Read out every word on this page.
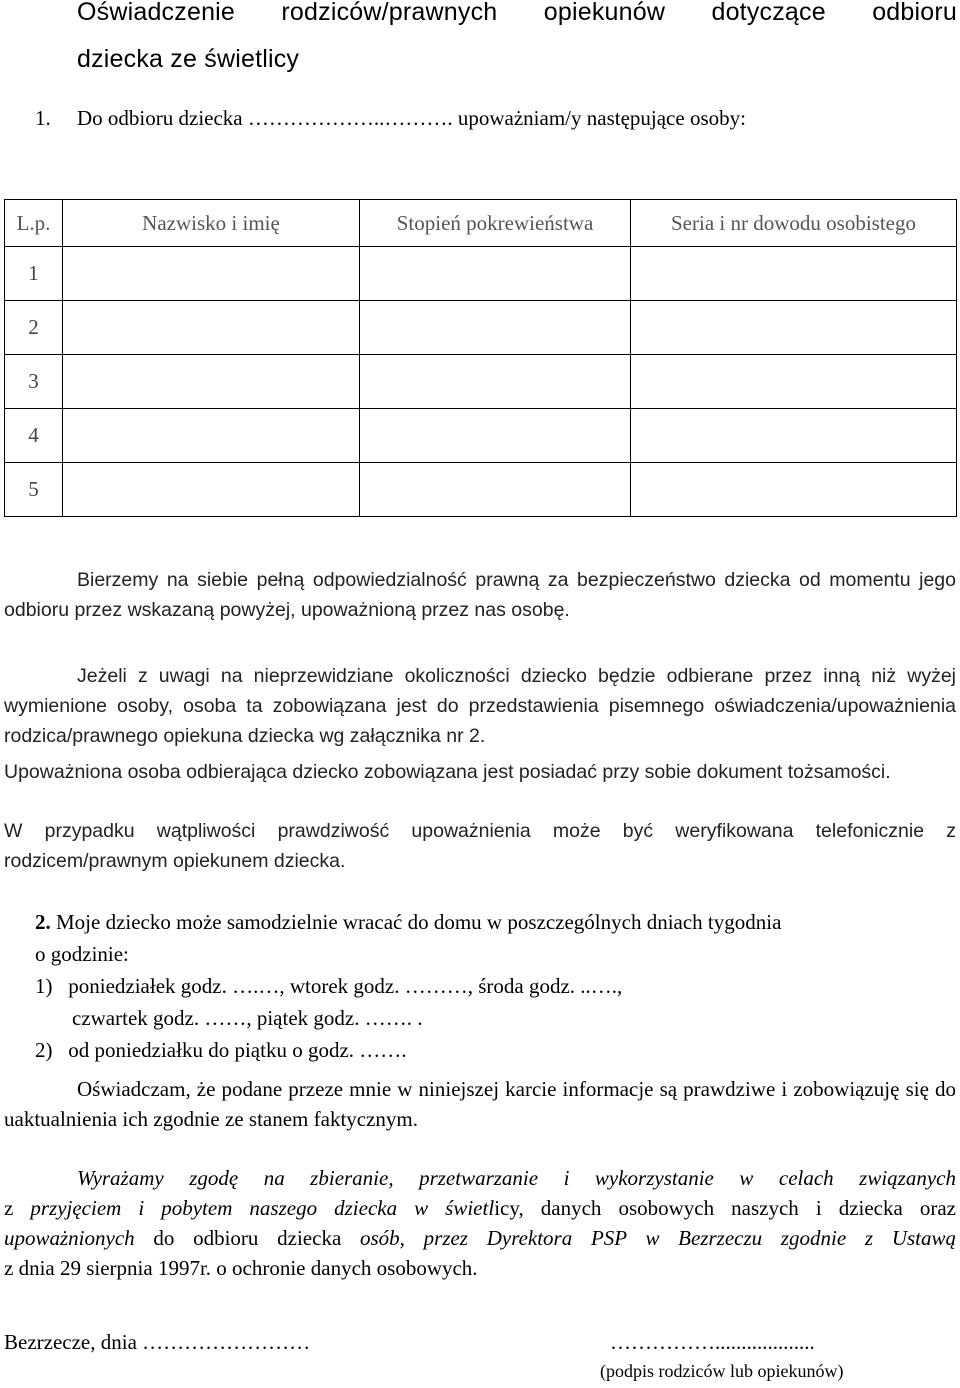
Oświadczenie rodziców/prawnych opiekunów dotyczące odbioru
dziecka ze świetlicy
1. Do odbioru dziecka ………………..………. upoważniam/y następujące osoby:
L.p.	Nazwisko i imię	Stopień pokrewieństwa	Seria i nr dowodu osobistego
1			
2			
3			
4			
5			
Bierzemy na siebie pełną odpowiedzialność prawną za bezpieczeństwo dziecka od momentu jego odbioru przez wskazaną powyżej, upoważnioną przez nas osobę.
Jeżeli z uwagi na nieprzewidziane okoliczności dziecko będzie odbierane przez inną niż wyżej wymienione osoby, osoba ta zobowiązana jest do przedstawienia pisemnego oświadczenia/upoważnienia rodzica/prawnego opiekuna dziecka wg załącznika nr 2.
Upoważniona osoba odbierająca dziecko zobowiązana jest posiadać przy sobie dokument tożsamości.
W przypadku wątpliwości prawdziwość upoważnienia może być weryfikowana telefonicznie z rodzicem/prawnym opiekunem dziecka.
2. Moje dziecko może samodzielnie wracać do domu w poszczególnych dniach tygodnia
o godzinie:
1) poniedziałek godz. ….…, wtorek godz. ………, środa godz. ..….,
czwartek godz. ……, piątek godz. ……. .
2) od poniedziałku do piątku o godz. …….
Oświadczam, że podane przeze mnie w niniejszej karcie informacje są prawdziwe i zobowiązuję się do uaktualnienia ich zgodnie ze stanem faktycznym.
Wyrażamy zgodę na zbieranie, przetwarzanie i wykorzystanie w celach związanych
z przyjęciem i pobytem naszego dziecka w świetlicy, danych osobowych naszych i dziecka oraz
upoważnionych do odbioru dziecka osób, przez Dyrektora PSP w Bezrzeczu zgodnie z Ustawą
z dnia 29 sierpnia 1997r. o ochronie danych osobowych.
Bezrzecze, dnia ……………………	……………...................
(podpis rodziców lub opiekunów)
